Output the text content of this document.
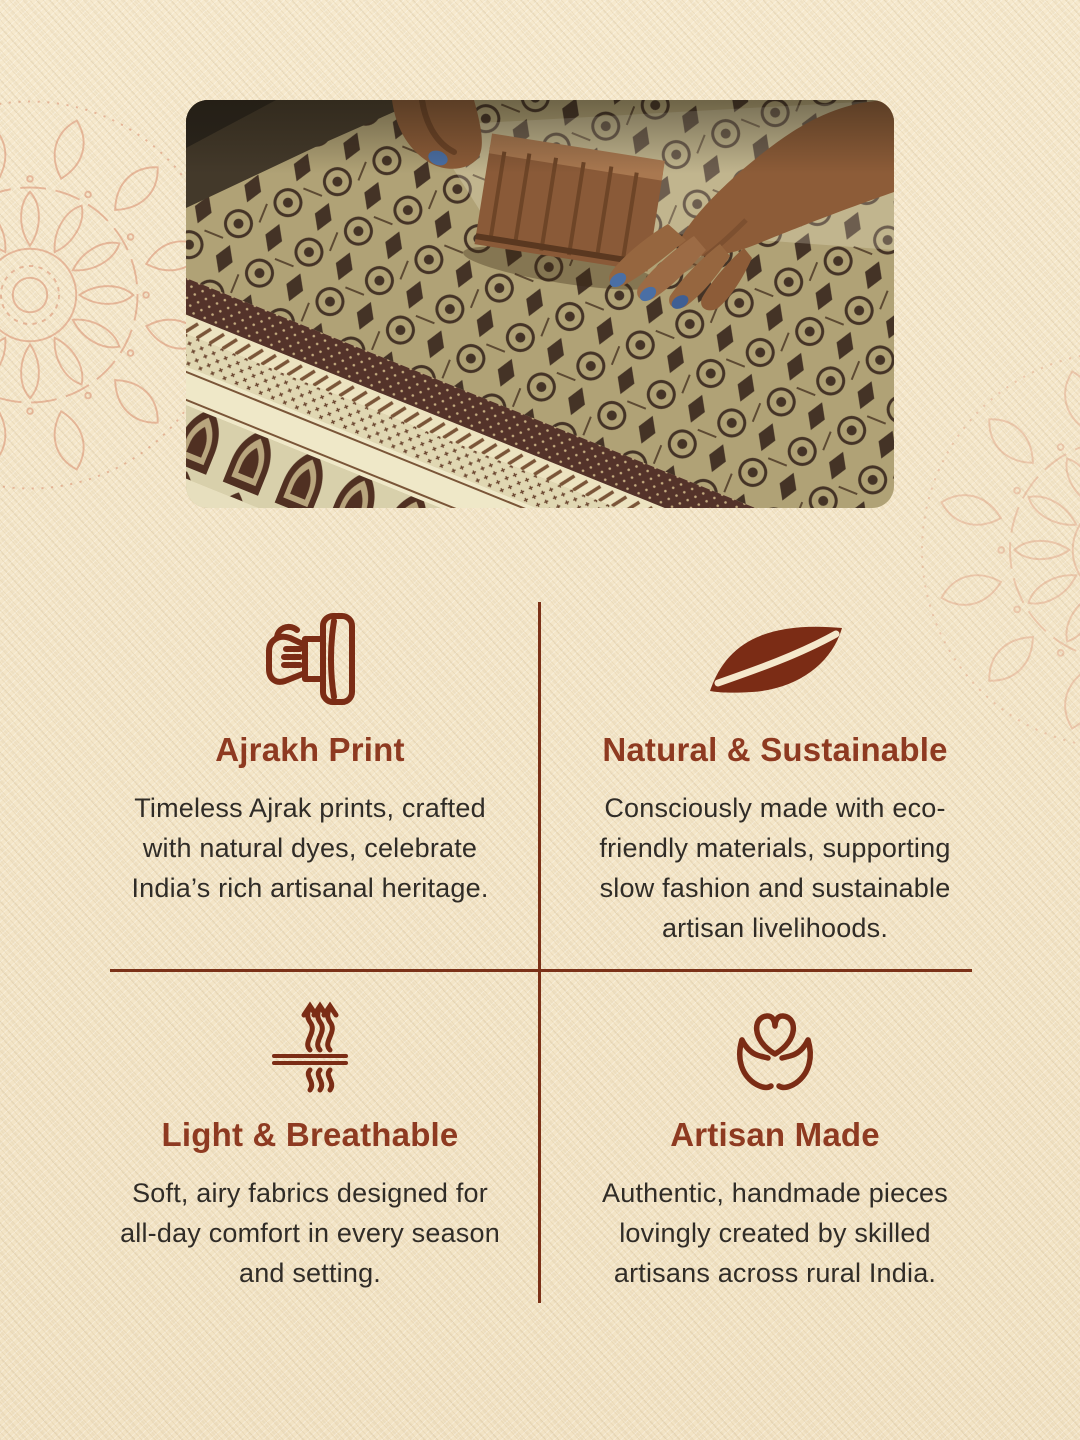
Ajrakh Print
Timeless Ajrak prints, crafted with natural dyes, celebrate India’s rich artisanal heritage.
Natural & Sustainable
Consciously made with eco-friendly materials, supporting slow fashion and sustainable artisan livelihoods.
Light & Breathable
Soft, airy fabrics designed for all-day comfort in every season and setting.
Artisan Made
Authentic, handmade pieces lovingly created by skilled artisans across rural India.
